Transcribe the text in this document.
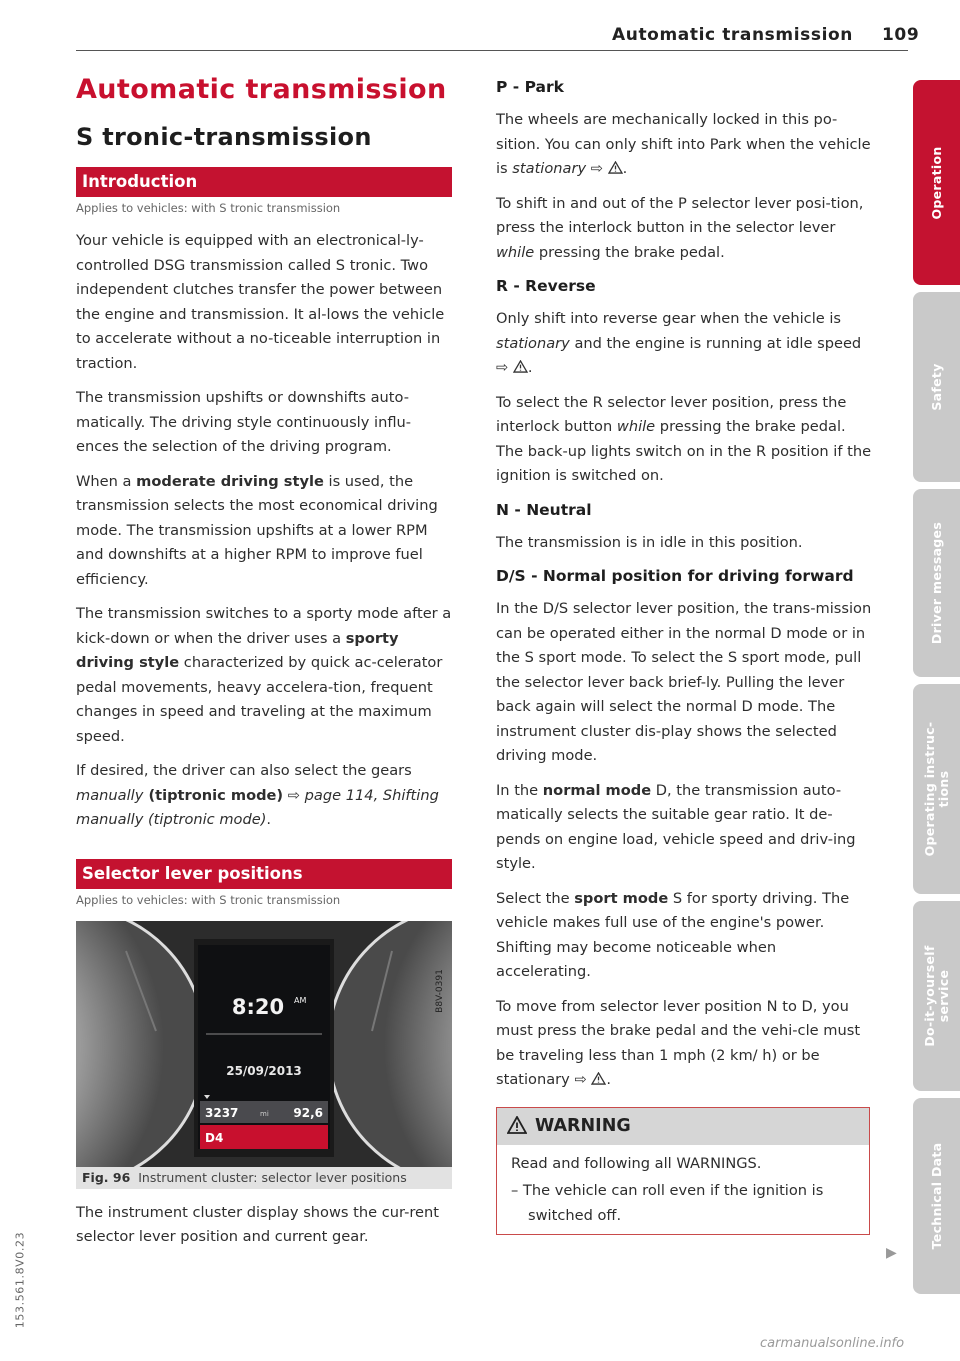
Automatic transmission 109
Automatic transmission
S tronic-transmission
Introduction
Applies to vehicles: with S tronic transmission

Your vehicle is equipped with an electronical-ly-controlled DSG transmission called S tronic. Two independent clutches transfer the power between the engine and transmission. It al-lows the vehicle to accelerate without a no-ticeable interruption in traction.

The transmission upshifts or downshifts auto-matically. The driving style continuously influ-ences the selection of the driving program.

When a moderate driving style is used, the transmission selects the most economical driving mode. The transmission upshifts at a lower RPM and downshifts at a higher RPM to improve fuel efficiency.

The transmission switches to a sporty mode after a kick-down or when the driver uses a sporty driving style characterized by quick ac-celerator pedal movements, heavy accelera-tion, frequent changes in speed and traveling at the maximum speed.

If desired, the driver can also select the gears manually (tiptronic mode) ⇨ page 114, Shifting manually (tiptronic mode).

Selector lever positions
Applies to vehicles: with S tronic transmission
8:20 AM
25/09/2013
3237	mi 92,6
D4
B8V-0391
Fig. 96 Instrument cluster: selector lever positions

The instrument cluster display shows the cur-rent selector lever position and current gear.

P - Park

The wheels are mechanically locked in this po-sition. You can only shift into Park when the vehicle is stationary ⇨ .

To shift in and out of the P selector lever posi-tion, press the interlock button in the selector lever while pressing the brake pedal.

R - Reverse

Only shift into reverse gear when the vehicle is stationary and the engine is running at idle speed ⇨ .

To select the R selector lever position, press the interlock button while pressing the brake pedal. The back-up lights switch on in the R position if the ignition is switched on.

N - Neutral

The transmission is in idle in this position.

D/S - Normal position for driving forward

In the D/S selector lever position, the trans-mission can be operated either in the normal D mode or in the S sport mode. To select the S sport mode, pull the selector lever back brief-ly. Pulling the lever back again will select the normal D mode. The instrument cluster dis-play shows the selected driving mode.

In the normal mode D, the transmission auto-matically selects the suitable gear ratio. It de-pends on engine load, vehicle speed and driv-ing style.

Select the sport mode S for sporty driving. The vehicle makes full use of the engine's power. Shifting may become noticeable when accelerating.

To move from selector lever position N to D, you must press the brake pedal and the vehi-cle must be traveling less than 1 mph (2 km/ h) or be stationary ⇨ .

WARNING

Read and following all WARNINGS.

– The vehicle can roll even if the ignition is switched off.

▶
Operation
Safety
Driver messages
Operating instruc-
tions
Do-it-yourself
service
Technical Data
153.561.8V0.23
carmanualsonline.info
